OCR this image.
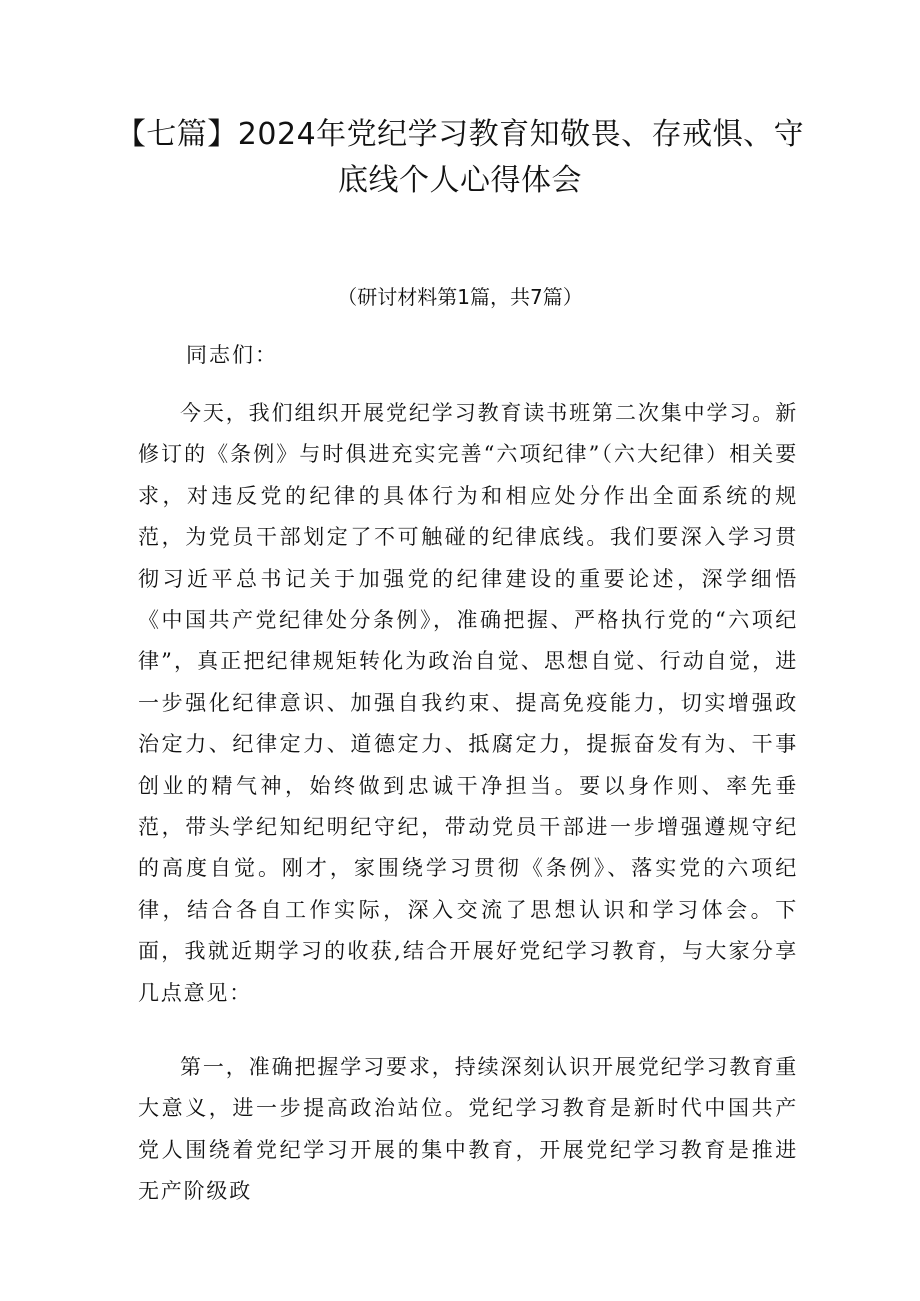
【七篇】2024年党纪学习教育知敬畏、存戒惧、守底线个人心得体会

（研讨材料第1篇，共7篇）

同志们：

今天，我们组织开展党纪学习教育读书班第二次集中学习。新修订的《条例》与时俱进充实完善“六项纪律”（六大纪律）相关要求，对违反党的纪律的具体行为和相应处分作出全面系统的规范，为党员干部划定了不可触碰的纪律底线。我们要深入学习贯彻习近平总书记关于加强党的纪律建设的重要论述，深学细悟《中国共产党纪律处分条例》，准确把握、严格执行党的“六项纪律”，真正把纪律规矩转化为政治自觉、思想自觉、行动自觉，进一步强化纪律意识、加强自我约束、提高免疫能力，切实增强政治定力、纪律定力、道德定力、抵腐定力，提振奋发有为、干事创业的精气神，始终做到忠诚干净担当。要以身作则、率先垂范，带头学纪知纪明纪守纪，带动党员干部进一步增强遵规守纪的高度自觉。刚才，家围绕学习贯彻《条例》、落实党的六项纪律，结合各自工作实际，深入交流了思想认识和学习体会。下面，我就近期学习的收获,结合开展好党纪学习教育，与大家分享几点意见：

第一，准确把握学习要求，持续深刻认识开展党纪学习教育重大意义，进一步提高政治站位。党纪学习教育是新时代中国共产党人围绕着党纪学习开展的集中教育，开展党纪学习教育是推进无产阶级政
